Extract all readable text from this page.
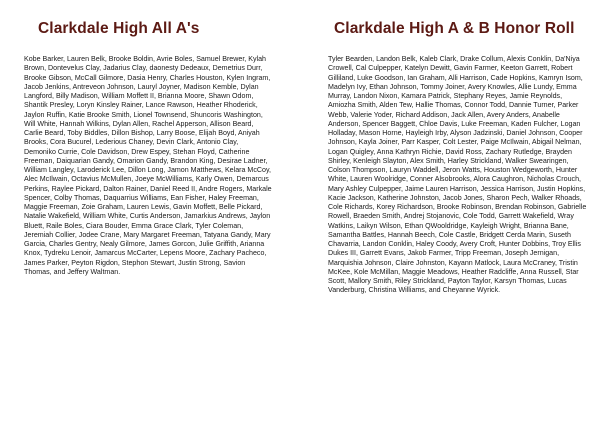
Clarkdale High All A's

Kobe Barker, Lauren Belk, Brooke Boldin, Avrie Boles, Samuel Brewer, Kylah Brown, Dontevelus Clay, Jadarius Clay, daonesty Dedeaux, Demetrius Durr, Brooke Gibson, McCall Gilmore, Dasia Henry, Charles Houston, Kylen Ingram, Jacob Jenkins, Antreveon Johnson, Lauryl Joyner, Madison Kemble, Dylan Langford, Billy Madison, William Moffett II, Brianna Moore, Shawn Odom, Shantik Presley, Loryn Kinsley Rainer, Lance Rawson, Heather Rhoderick, Jaylon Ruffin, Katie Brooke Smith, Lionel Townsend, Shuncoris Washington, Will White, Hannah Wilkins, Dylan Allen, Rachel Apperson, Allison Beard, Carlie Beard, Toby Biddles, Dillon Bishop, Larry Boose, Elijah Boyd, Aniyah Brooks, Cora Bucurel, Lederious Chaney, Devin Clark, Antonio Clay, Demoniko Currie, Cole Davidson, Drew Espey, Stehan Floyd, Catherine Freeman, Daiquarian Gandy, Omarion Gandy, Brandon King, Desirae Ladner, William Langley, Laroderick Lee, Dillon Long, Jamon Matthews, Kelara McCoy, Alec McIlwain, Octavius McMullen, Joeye McWilliams, Karly Owen, Demarcus Perkins, Raylee Pickard, Dalton Rainer, Daniel Reed II, Andre Rogers, Markale Spencer, Colby Thomas, Daquarrius Williams, Ean Fisher, Haley Freeman, Maggie Freeman, Zoie Graham, Lauren Lewis, Gavin Moffett, Belle Pickard, Natalie Wakefield, William White, Curtis Anderson, Jamarkius Andrews, Jaylon Bluett, Raile Boles, Ciara Bouder, Emma Grace Clark, Tyler Coleman, Jeremiah Collier, Jodee Crane, Mary Margaret Freeman, Tatyana Gandy, Mary Garcia, Charles Gentry, Nealy Gilmore, James Gorcon, Julie Griffith, Arianna Knox, Tydreku Lenoir, Jamarcus McCarter, Lepens Moore, Zachary Pacheco, James Parker, Peyton Rigdon, Stephon Stewart, Justin Strong, Savion Thomas, and Jeffery Waltman.

Clarkdale High A & B Honor Roll

Tyler Bearden, Landon Belk, Kaleb Clark, Drake Collum, Alexis Conklin, Da'Niya Crowell, Cal Culpepper, Katelyn Dewitt, Gavin Farmer, Keeton Garrett, Robert Gilliland, Luke Goodson, Ian Graham, Alli Harrison, Cade Hopkins, Kamryn Isom, Madelyn Ivy, Ethan Johnson, Tommy Joiner, Avery Knowles, Allie Lundy, Emma Murray, Landon Nixon, Kamara Patrick, Stephany Reyes, Jamie Reynolds, Amiozha Smith, Alden Tew, Hallie Thomas, Connor Todd, Dannie Turner, Parker Webb, Valerie Yoder, Richard Addison, Jack Allen, Avery Anders, Anabelle Anderson, Spencer Baggett, Chloe Davis, Luke Freeman, Kaden Fulcher, Logan Holladay, Mason Horne, Hayleigh Irby, Alyson Jadzinski, Daniel Johnson, Cooper Johnson, Kayla Joiner, Parr Kasper, Colt Lester, Paige McIlwain, Abigail Nelman, Logan Quigley, Anna Kathryn Richie, David Ross, Zachary Rutledge, Brayden Shirley, Kenleigh Slayton, Alex Smith, Harley Strickland, Walker Swearingen, Colson Thompson, Lauryn Waddell, Jeron Watts, Houston Wedgeworth, Hunter White, Lauren Woolridge, Conner Alsobrooks, Alora Caughron, Nicholas Crouch, Mary Ashley Culpepper, Jaime Lauren Harrison, Jessica Harrison, Justin Hopkins, Kacie Jackson, Katherine Johnston, Jacob Jones, Sharon Pech, Walker Rhoads, Cole Richards, Korey Richardson, Brooke Robinson, Brendan Robinson, Gabrielle Rowell, Braeden Smith, Andrej Stojanovic, Cole Todd, Garrett Wakefield, Wray Watkins, Laikyn Wilson, Ethan QWooldridge, Kayleigh Wright, Brianna Bane, Samantha Battles, Hannah Beech, Cole Castle, Bridgett Cerda Marin, Suseth Chavarria, Landon Conklin, Haley Coody, Avery Croft, Hunter Dobbins, Troy Ellis Dukes III, Garrett Evans, Jakob Farmer, Tripp Freeman, Joseph Jernigan, Marquishia Johnson, Claire Johnston, Kayann Matlock, Laura McCraney, Tristin McKee, Kole McMillan, Maggie Meadows, Heather Radcliffe, Anna Russell, Star Scott, Mallory Smith, Riley Strickland, Payton Taylor, Karsyn Thomas, Lucas Vanderburg, Christina Williams, and Cheyanne Wyrick.
